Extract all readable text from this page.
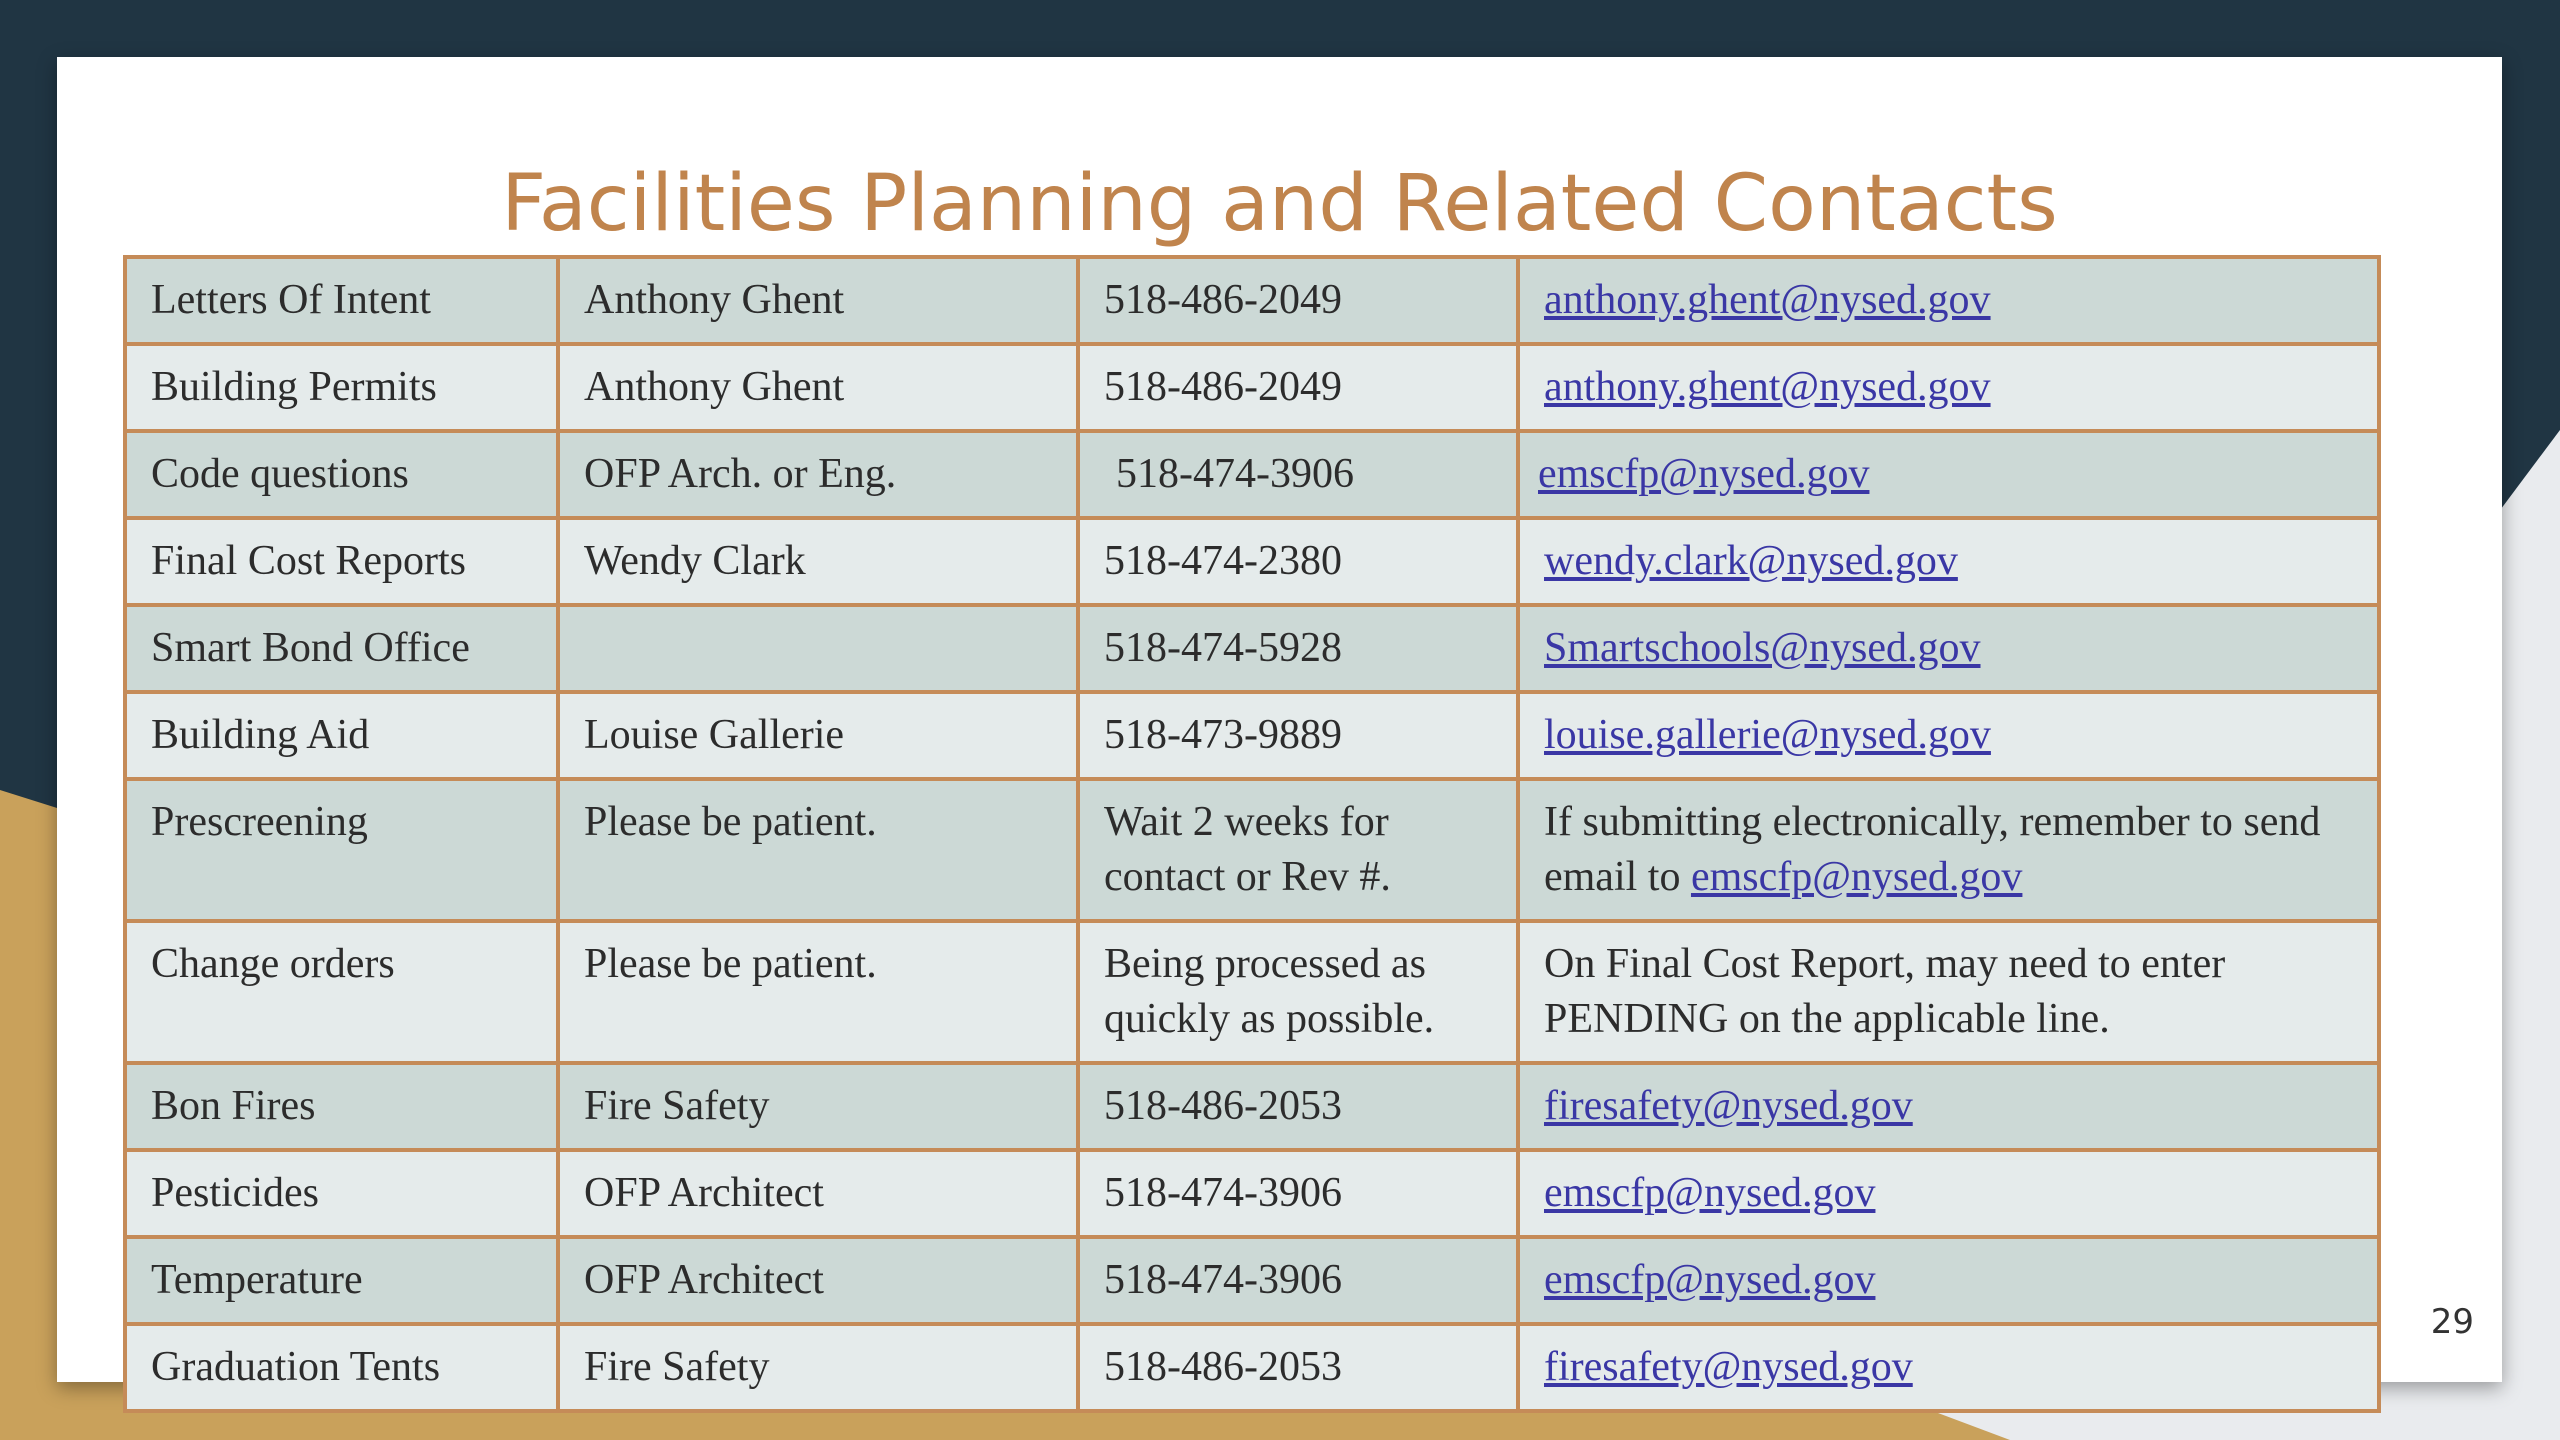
Facilities Planning and Related Contacts
Letters Of Intent	Anthony Ghent	518-486-2049	anthony.ghent@nysed.gov
Building Permits	Anthony Ghent	518-486-2049	anthony.ghent@nysed.gov
Code questions	OFP Arch. or Eng.	518-474-3906	emscfp@nysed.gov
Final Cost Reports	Wendy Clark	518-474-2380	wendy.clark@nysed.gov
Smart Bond Office		518-474-5928	Smartschools@nysed.gov
Building Aid	Louise Gallerie	518-473-9889	louise.gallerie@nysed.gov
Prescreening	Please be patient.	Wait 2 weeks for contact or Rev #.	If submitting electronically, remember to send email to emscfp@nysed.gov
Change orders	Please be patient.	Being processed as quickly as possible.	On Final Cost Report, may need to enter PENDING on the applicable line.
Bon Fires	Fire Safety	518-486-2053	firesafety@nysed.gov
Pesticides	OFP Architect	518-474-3906	emscfp@nysed.gov
Temperature	OFP Architect	518-474-3906	emscfp@nysed.gov
Graduation Tents	Fire Safety	518-486-2053	firesafety@nysed.gov
29
